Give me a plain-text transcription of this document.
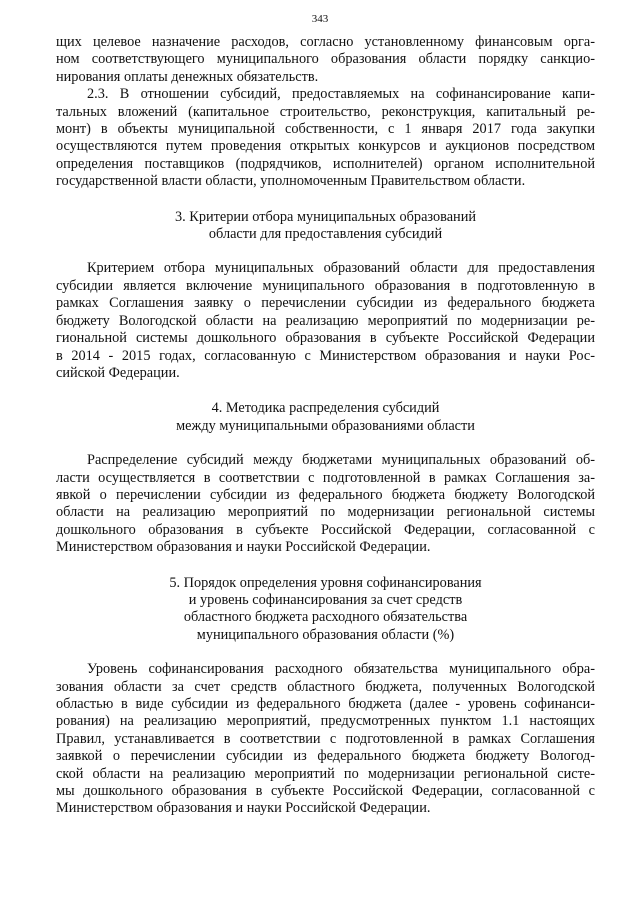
343
щих целевое назначение расходов, согласно установленному финансовым орга-
ном соответствующего муниципального образования области порядку санкцио-
нирования оплаты денежных обязательств.
2.3. В отношении субсидий, предоставляемых на софинансирование капи-
тальных вложений (капитальное строительство, реконструкция, капитальный ре-
монт) в объекты муниципальной собственности, с 1 января 2017 года закупки
осуществляются путем проведения открытых конкурсов и аукционов посредством
определения поставщиков (подрядчиков, исполнителей) органом исполнительной
государственной власти области, уполномоченным Правительством области.
3. Критерии отбора муниципальных образований
области для предоставления субсидий
Критерием отбора муниципальных образований области для предоставления
субсидии является включение муниципального образования в подготовленную в
рамках Соглашения заявку о перечислении субсидии из федерального бюджета
бюджету Вологодской области на реализацию мероприятий по модернизации ре-
гиональной системы дошкольного образования в субъекте Российской Федерации
в 2014 - 2015 годах, согласованную с Министерством образования и науки Рос-
сийской Федерации.
4. Методика распределения субсидий
между муниципальными образованиями области
Распределение субсидий между бюджетами муниципальных образований об-
ласти осуществляется в соответствии с подготовленной в рамках Соглашения за-
явкой о перечислении субсидии из федерального бюджета бюджету Вологодской
области на реализацию мероприятий по модернизации региональной системы
дошкольного образования в субъекте Российской Федерации, согласованной с
Министерством образования и науки Российской Федерации.
5. Порядок определения уровня софинансирования
и уровень софинансирования за счет средств
областного бюджета расходного обязательства
муниципального образования области (%)
Уровень софинансирования расходного обязательства муниципального обра-
зования области за счет средств областного бюджета, полученных Вологодской
областью в виде субсидии из федерального бюджета (далее - уровень софинанси-
рования) на реализацию мероприятий, предусмотренных пунктом 1.1 настоящих
Правил, устанавливается в соответствии с подготовленной в рамках Соглашения
заявкой о перечислении субсидии из федерального бюджета бюджету Вологод-
ской области на реализацию мероприятий по модернизации региональной систе-
мы дошкольного образования в субъекте Российской Федерации, согласованной с
Министерством образования и науки Российской Федерации.
